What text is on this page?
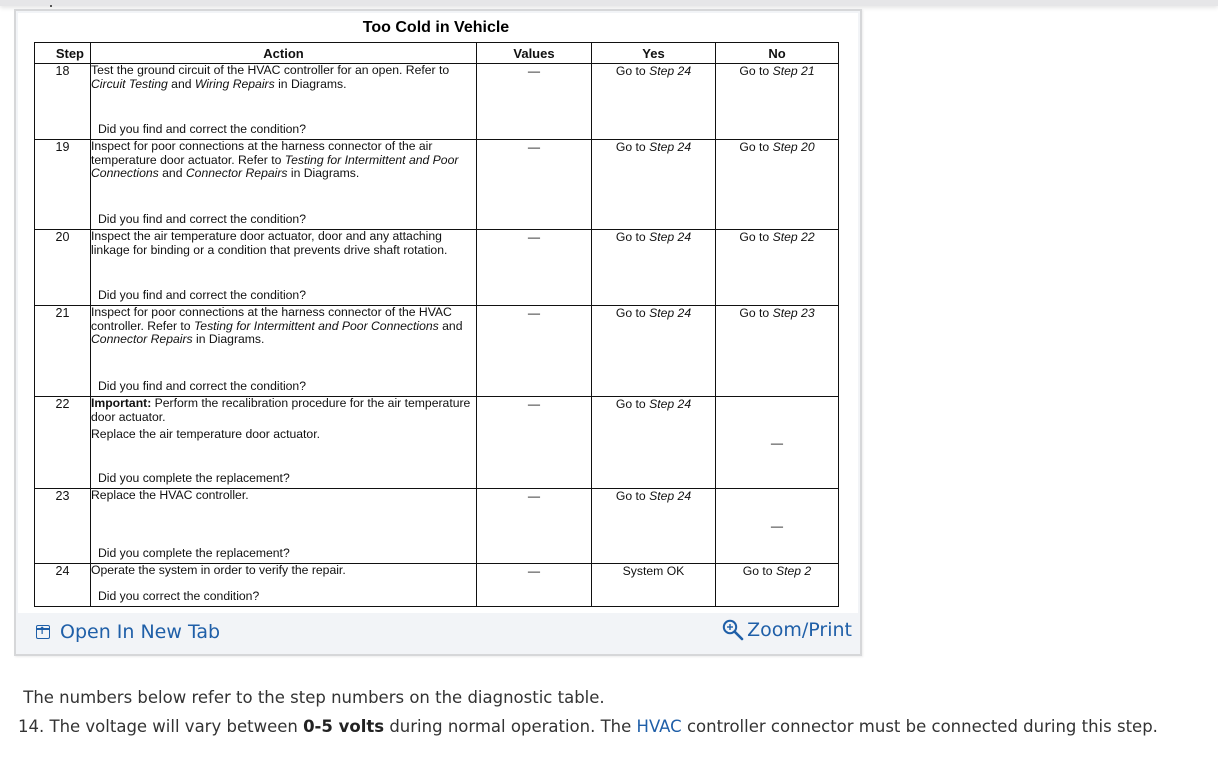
Too Cold in Vehicle
Step	Action	Values	Yes	No
18	Test the ground circuit of the HVAC controller for an open. Refer to Circuit Testing and Wiring Repairs in Diagrams.

Did you find and correct the condition?	—	Go to Step 24	Go to Step 21
19	Inspect for poor connections at the harness connector of the air temperature door actuator. Refer to Testing for Intermittent and Poor Connections and Connector Repairs in Diagrams.

Did you find and correct the condition?	—	Go to Step 24	Go to Step 20
20	Inspect the air temperature door actuator, door and any attaching linkage for binding or a condition that prevents drive shaft rotation.

Did you find and correct the condition?	—	Go to Step 24	Go to Step 22
21	Inspect for poor connections at the harness connector of the HVAC controller. Refer to Testing for Intermittent and Poor Connections and Connector Repairs in Diagrams.

Did you find and correct the condition?	—	Go to Step 24	Go to Step 23
22	Important: Perform the recalibration procedure for the air temperature door actuator.

Replace the air temperature door actuator.

Did you complete the replacement?	—	Go to Step 24	—
23	Replace the HVAC controller.

Did you complete the replacement?	—	Go to Step 24	—
24	Operate the system in order to verify the repair.

Did you correct the condition?	—	System OK	Go to Step 2
↑
Open In New Tab	Zoom/Print

The numbers below refer to the step numbers on the diagnostic table.

14. The voltage will vary between 0-5 volts during normal operation. The HVAC controller connector must be connected during this step.
